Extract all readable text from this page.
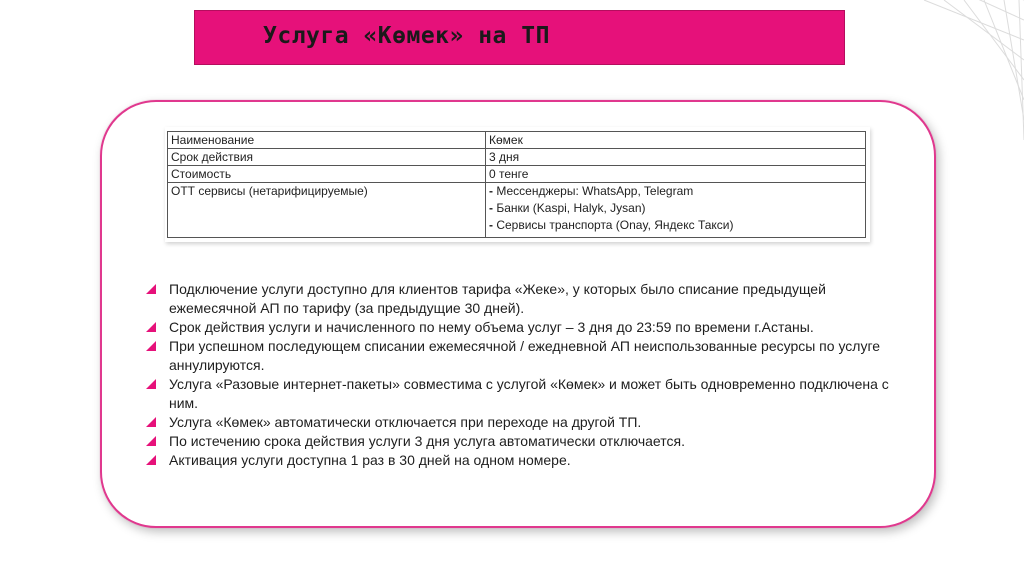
Услуга «Көмек» на ТП
Наименование	Көмек
Срок действия	3 дня
Стоимость	0 тенге
ОТТ сервисы (нетарифицируемые)	- Мессенджеры: WhatsApp, Telegram
- Банки (Kaspi, Halyk, Jysan)
- Сервисы транспорта (Onay, Яндекс Такси)
Подключение услуги доступно для клиентов тарифа «Жеке», у которых было списание предыдущей ежемесячной АП по тарифу (за предыдущие 30 дней).
Срок действия услуги и начисленного по нему объема услуг – 3 дня до 23:59 по времени г.Астаны.
При успешном последующем списании ежемесячной / ежедневной АП неиспользованные ресурсы по услуге аннулируются.
Услуга «Разовые интернет-пакеты» совместима с услугой «Көмек» и может быть одновременно подключена с ним.
Услуга «Көмек» автоматически отключается при переходе на другой ТП.
По истечению срока действия услуги 3 дня услуга автоматически отключается.
Активация услуги доступна 1 раз в 30 дней на одном номере.
